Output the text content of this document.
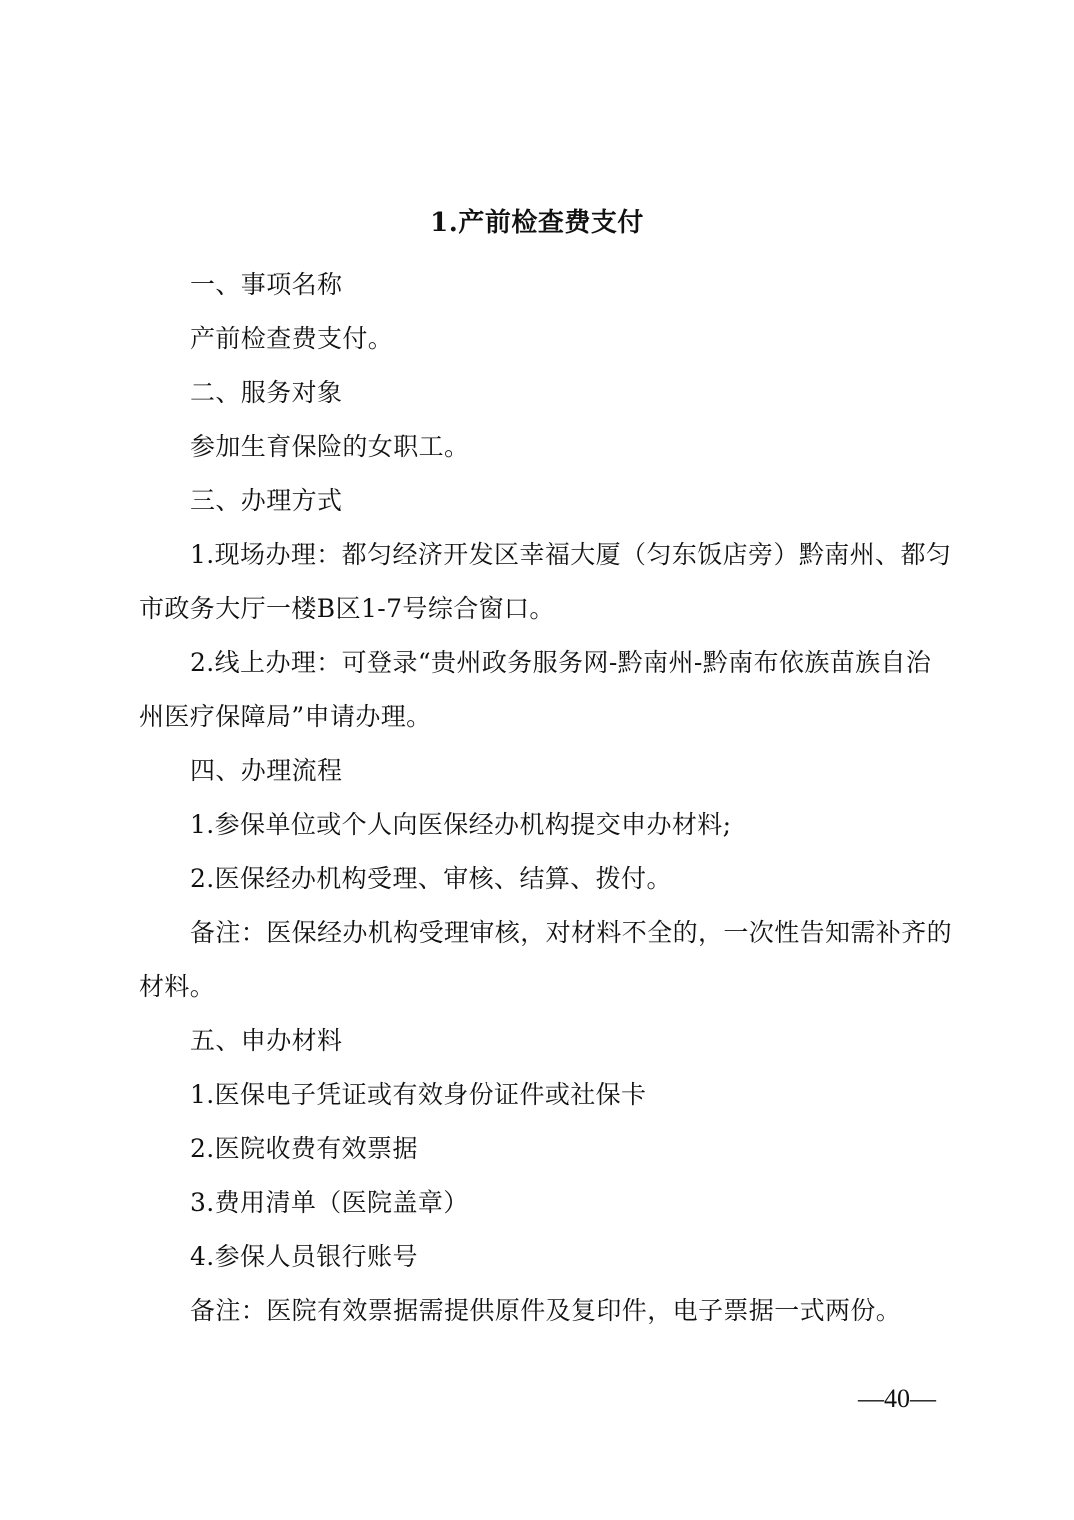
1.产前检查费支付
一、事项名称
产前检查费支付。
二、服务对象
参加生育保险的女职工。
三、办理方式
1.现场办理：都匀经济开发区幸福大厦（匀东饭店旁）黔南州、都匀
市政务大厅一楼B区1-7号综合窗口。
2.线上办理：可登录“贵州政务服务网-黔南州-黔南布依族苗族自治
州医疗保障局”申请办理。
四、办理流程
1.参保单位或个人向医保经办机构提交申办材料;
2.医保经办机构受理、审核、结算、拨付。
备注：医保经办机构受理审核，对材料不全的，一次性告知需补齐的
材料。
五、申办材料
1.医保电子凭证或有效身份证件或社保卡
2.医院收费有效票据
3.费用清单（医院盖章）
4.参保人员银行账号
备注：医院有效票据需提供原件及复印件，电子票据一式两份。
—40—
